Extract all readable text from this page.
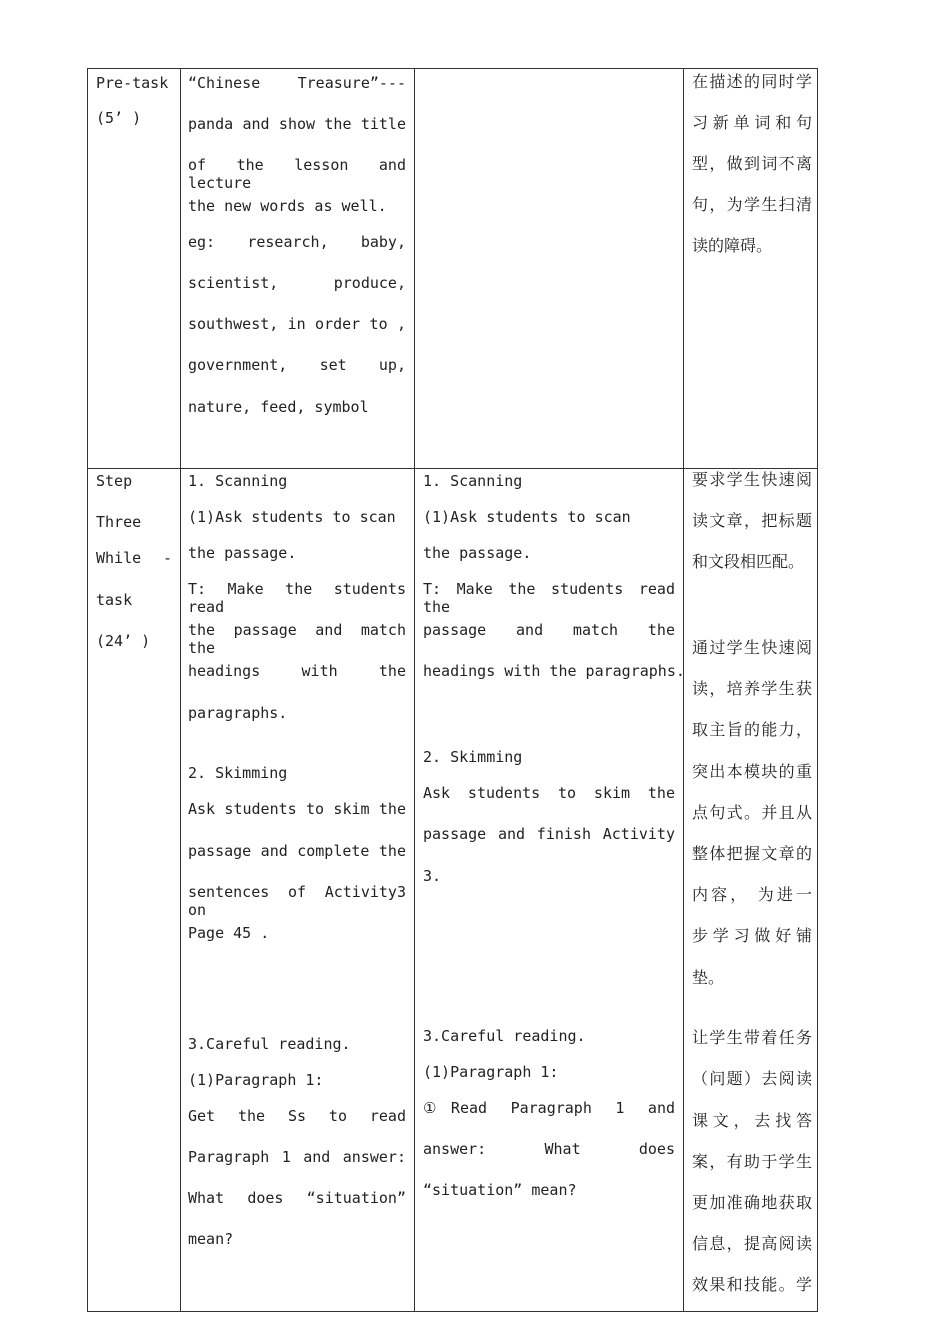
Pre-task
(5’ )
“Chinese Treasure”---
panda and show the title
of the lesson and lecture
the new words as well.
eg: research, baby,
scientist, produce,
southwest, in order to ,
government, set up,
nature, feed, symbol
在描述的同时学
习新单词和句
型，做到词不离
句，为学生扫清
读的障碍。
Step
Three
While -
task
(24’ )
1. Scanning
(1)Ask students to scan
the passage.
T: Make the students read
the passage and match the
headings with the
paragraphs.
2. Skimming
Ask students to skim the
passage and complete the
sentences of Activity3 on
Page 45 .
3.Careful reading.
(1)Paragraph 1:
Get the Ss to read
Paragraph 1 and answer:
What does “situation”
mean?
1. Scanning
(1)Ask students to scan
the passage.
T: Make the students read the
passage and match the
headings with the paragraphs.
2. Skimming
Ask students to skim the
passage and finish Activity
3.
3.Careful reading.
(1)Paragraph 1:
①Read Paragraph 1 and
answer: What does
“situation” mean?
要求学生快速阅
读文章，把标题
和文段相匹配。
通过学生快速阅
读，培养学生获
取主旨的能力，
突出本模块的重
点句式。并且从
整体把握文章的
内容， 为进一
步学习做好铺
垫。
让学生带着任务
（问题）去阅读
课文，去找答
案，有助于学生
更加准确地获取
信息，提高阅读
效果和技能。学
